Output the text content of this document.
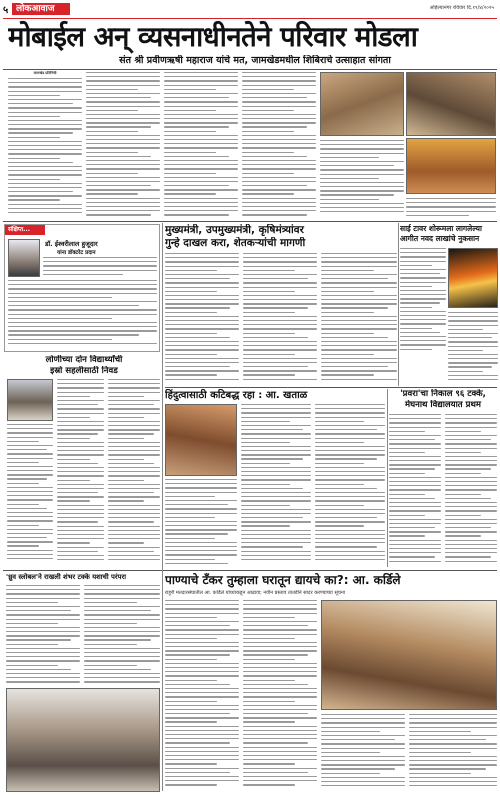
५ लोकआवाज	अहिल्यानगर रविवार दि.१९/४/२०२५
मोबाईल अन् व्यसनाधीनतेने परिवार मोडला
संत श्री प्रवीणऋषी महाराज यांचे मत, जामखेडमधील शिबिराचे उत्साहात सांगता
जामखेड प्रतिनिधी
संक्षिप्त...
डॉ. ईश्वरीलाल हुजूदार
यांना डॉक्टरेट प्रदान
मुख्यमंत्री, उपमुख्यमंत्री, कृषिमंत्र्यांवर
गुन्हे दाखल करा, शेतकऱ्यांची मागणी
साई टावर शोरूमला लागलेल्या
आगीत नवद लाखांचे नुकसान
लोणीच्या दोन विद्यार्थ्यांची
इस्रो सहलीसाठी निवड
हिंदुत्वासाठी कटिबद्ध रहा : आ. खताळ	'प्रवरा'चा निकाल ९६ टक्के,
मेघनाथ विद्यालयात प्रथम
'ध्रुव स्लोबल'ने राखली शंभर टक्के यशाची परंपरा	पाण्याचे टँकर तुम्हाला घरातून द्यायचे का?: आ. कर्डिले
राहुरी मतदारसंघातील आ. कर्डिले यांच्याकडून आढावा; नवीन प्रस्ताव तातडीने सादर करण्याच्या सूचना
